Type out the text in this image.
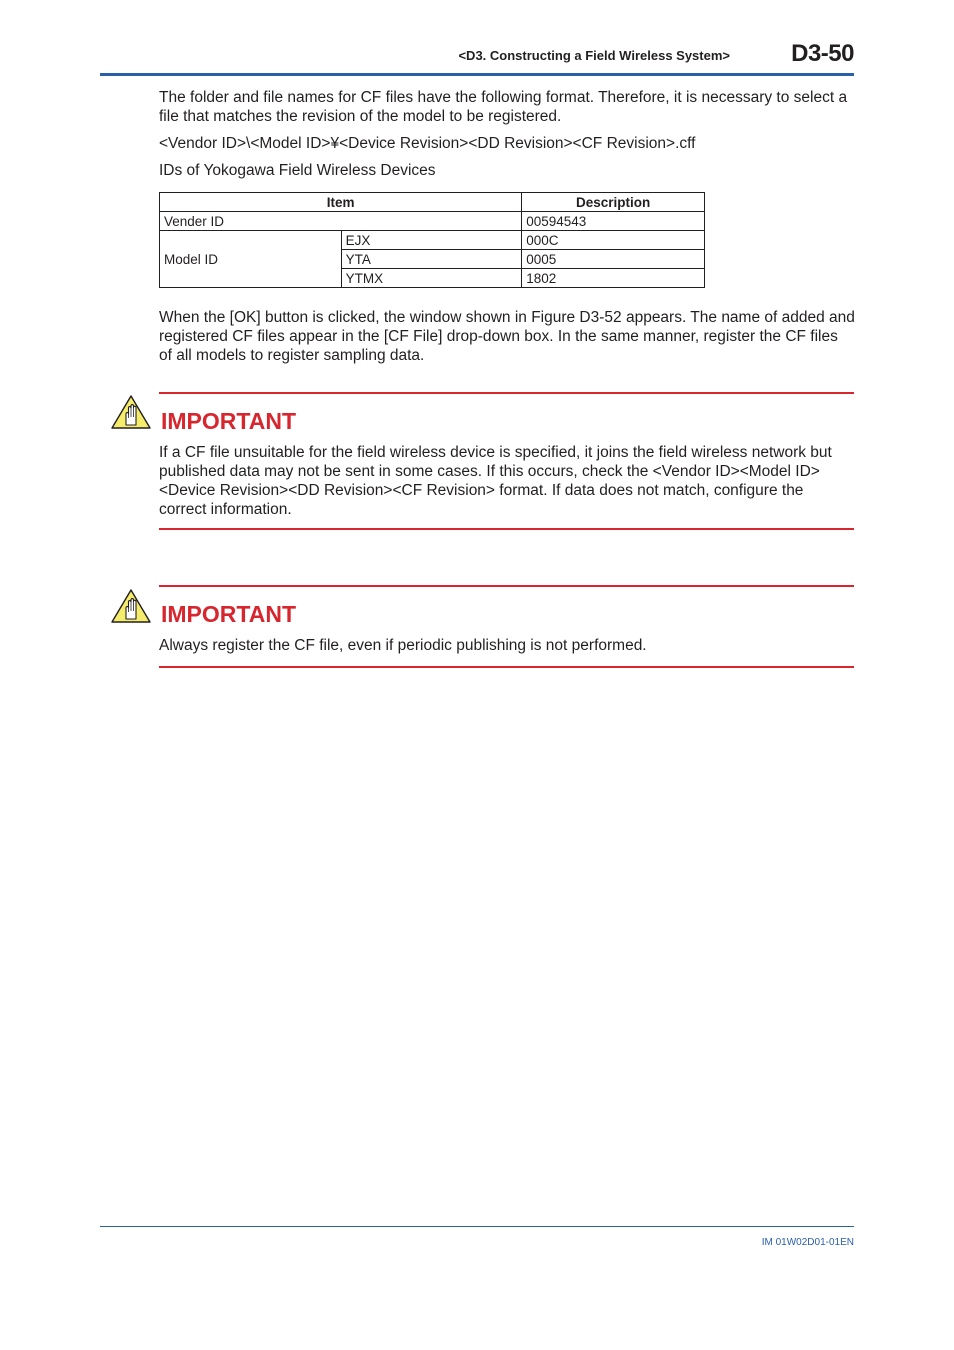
<D3. Constructing a Field Wireless System>	D3-50

The folder and file names for CF files have the following format. Therefore, it is necessary to select a file that matches the revision of the model to be registered.

<Vendor ID>\<Model ID>¥<Device Revision><DD Revision><CF Revision>.cff

IDs of Yokogawa Field Wireless Devices

Item		Description
Vender ID		00594543
Model ID	EJX	000C
	YTA	0005
	YTMX	1802

When the [OK] button is clicked, the window shown in Figure D3-52 appears. The name of added and registered CF files appear in the [CF File] drop-down box. In the same manner, register the CF files of all models to register sampling data.

IMPORTANT

If a CF file unsuitable for the field wireless device is specified, it joins the field wireless network but published data may not be sent in some cases. If this occurs, check the <Vendor ID><Model ID><Device Revision><DD Revision><CF Revision> format. If data does not match, configure the correct information.

IMPORTANT

Always register the CF file, even if periodic publishing is not performed.

IM 01W02D01-01EN
